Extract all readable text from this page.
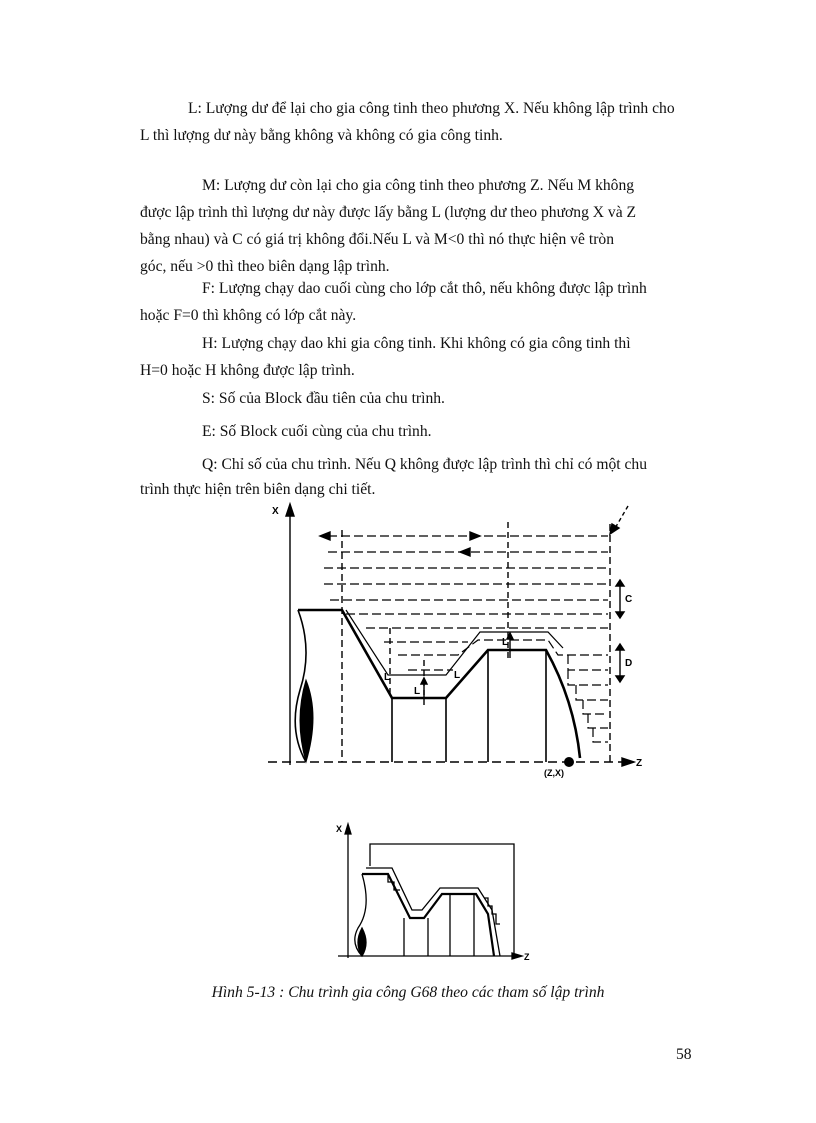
L: Lượng dư để lại cho gia công tinh theo phương X. Nếu không lập trình cho
L thì lượng dư này bằng không và không có gia công tinh.
M: Lượng dư còn lại cho gia công tinh theo phương Z. Nếu M không
được lập trình thì lượng dư này được lấy bằng L (lượng dư theo phương X và Z
bằng nhau) và C có giá trị không đổi.Nếu L và M<0 thì nó thực hiện vê tròn
góc, nếu >0 thì theo biên dạng lập trình.
F: Lượng chạy dao cuối cùng cho lớp cắt thô, nếu không được lập trình
hoặc F=0 thì không có lớp cắt này.
H: Lượng chạy dao khi gia công tinh. Khi không có gia công tinh thì
H=0 hoặc H không được lập trình.
S: Số của Block đầu tiên của chu trình.
E: Số Block cuối cùng của chu trình.
Q: Chỉ số của chu trình. Nếu Q không được lập trình thì chỉ có một chu
trình thực hiện trên biên dạng chi tiết.
X
Z
C
D
L
L
L
L
(Z,X)
X
Z
Hình 5-13 : Chu trình gia công G68 theo các tham số lập trình
58
